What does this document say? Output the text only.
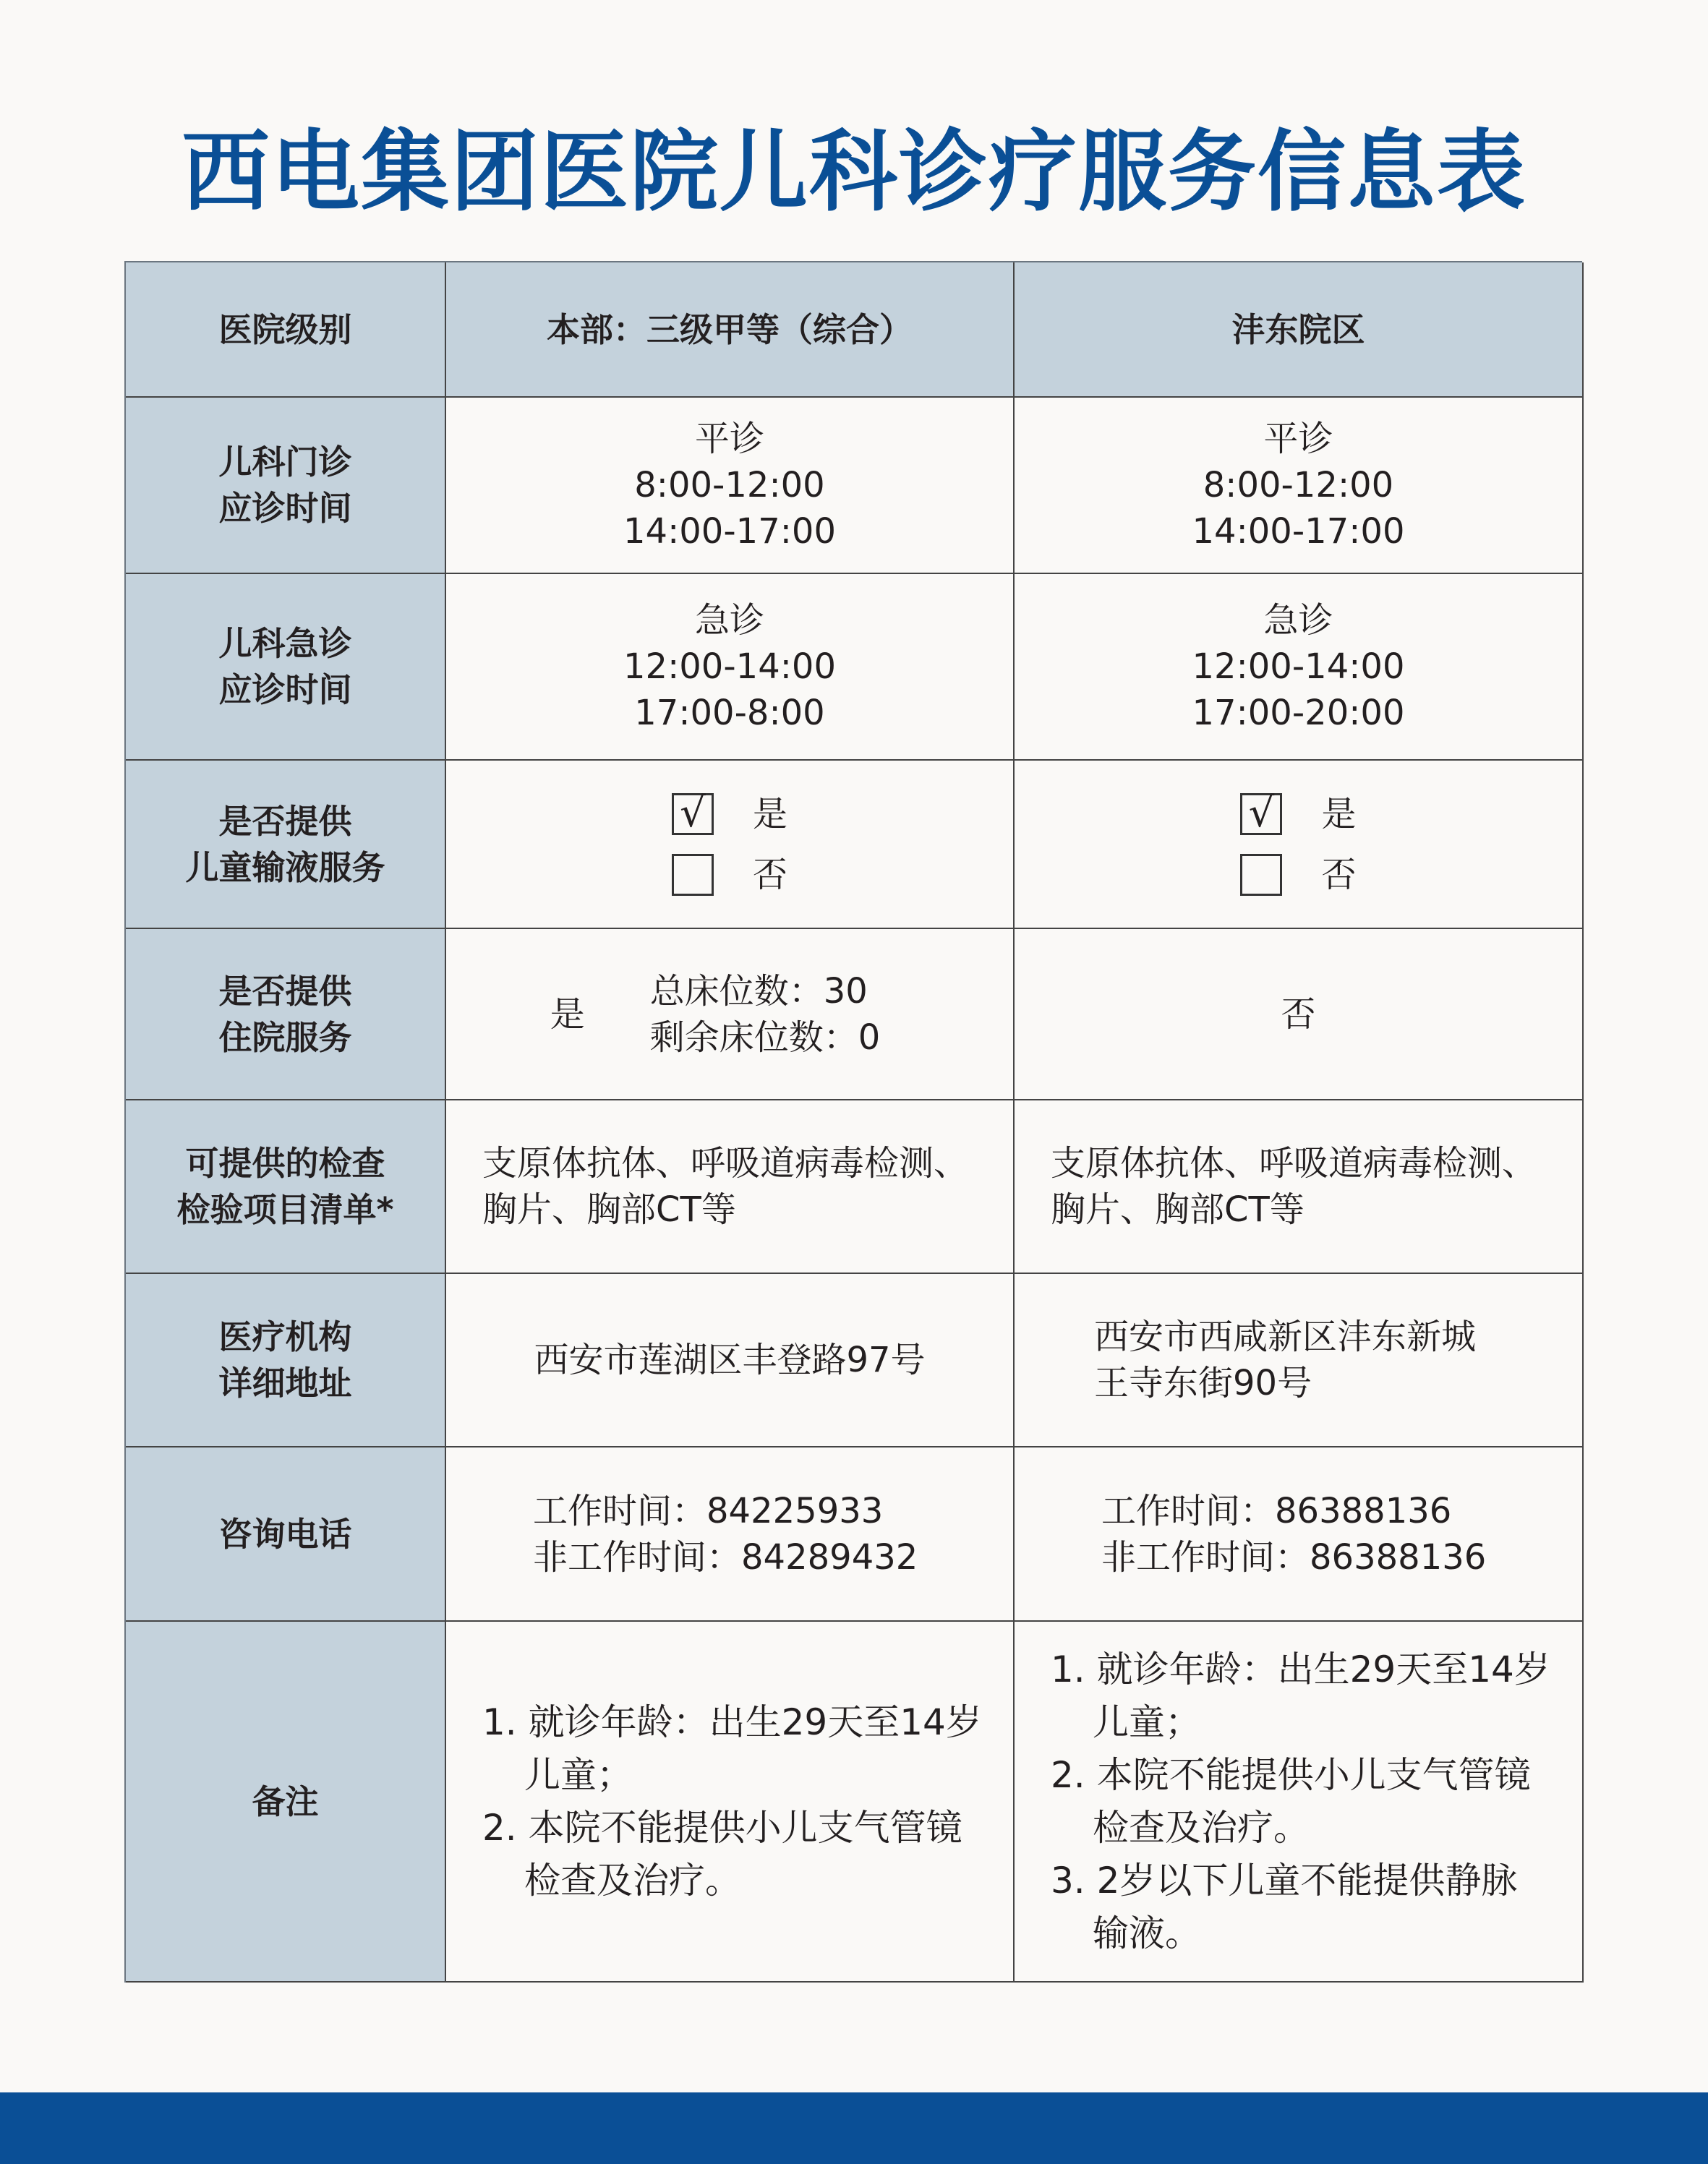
西电集团医院儿科诊疗服务信息表
医院级别	本部：三级甲等（综合）	沣东院区
儿科门诊
应诊时间
平诊
8:00-12:00
14:00-17:00
平诊
8:00-12:00
14:00-17:00
儿科急诊
应诊时间
急诊
12:00-14:00
17:00-8:00
急诊
12:00-14:00
17:00-20:00
是否提供
儿童输液服务
√ 是
否
√ 是
否
是否提供
住院服务
是
总床位数：30
剩余床位数：0
否
可提供的检查
检验项目清单*
支原体抗体、呼吸道病毒检测、
胸片、胸部CT等
支原体抗体、呼吸道病毒检测、
胸片、胸部CT等
医疗机构
详细地址
西安市莲湖区丰登路97号
西安市西咸新区沣东新城
王寺东街90号
咨询电话
工作时间：84225933
非工作时间：84289432
工作时间：86388136
非工作时间：86388136
备注
1. 就诊年龄：出生29天至14岁儿童；
2. 本院不能提供小儿支气管镜检查及治疗。
1. 就诊年龄：出生29天至14岁儿童；
2. 本院不能提供小儿支气管镜检查及治疗。
3. 2岁以下儿童不能提供静脉输液。
